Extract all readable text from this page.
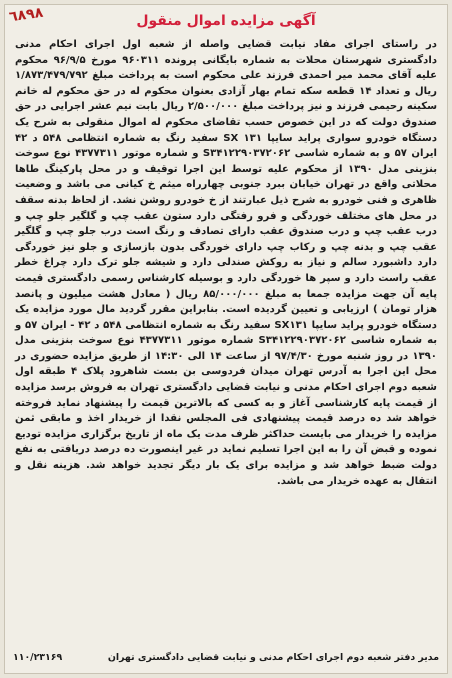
٦٨٩٨	آگهی مزایده اموال منقول

در راستای اجرای مفاد نیابت قضایی واصله از شعبه اول اجرای احکام مدنی دادگستری شهرستان محلات به شماره بایگانی پرونده ۹۶۰۳۱۱ مورخ ۹۶/۹/۵ محکوم علیه آقای محمد میر احمدی فرزند علی محکوم است به پرداخت مبلغ ۱/۸۷۳/۴۷۹/۷۹۲ ریال و تعداد ۱۴ قطعه سکه تمام بهار آزادی بعنوان محکوم له در حق محکوم له خانم سکینه رحیمی فرزند و نیز پرداخت مبلغ ۲/۵۰۰/۰۰۰ ریال بابت نیم عشر اجرایی در حق صندوق دولت که در این خصوص حسب تقاضای محکوم له اموال منقولی به شرح یک دستگاه خودرو سواری پراید سایپا ۱۳۱ SX سفید رنگ به شماره انتظامی ۵۴۸ د ۴۲ ایران ۵۷ و به شماره شاسی S۳۴۱۲۲۹۰۳۷۲۰۶۲ و شماره موتور ۴۳۷۷۳۱۱ نوع سوخت بنزینی مدل ۱۳۹۰ از محکوم علیه توسط این اجرا توقیف و در محل پارکینگ طاها محلاتی واقع در تهران خیابان ببرد جنوبی چهارراه میثم خ کیانی می باشد و وضعیت ظاهری و فنی خودرو به شرح ذیل عبارتند از خ خودرو روشن نشد. از لحاظ بدنه سقف در محل های مختلف خوردگی و فرو رفتگی دارد ستون عقب چپ و گلگیر جلو چپ و درب عقب چپ و درب صندوق عقب دارای تصادف و رنگ است درب جلو چپ و گلگیر عقب چپ و بدنه چپ و رکاب چپ دارای خوردگی بدون بازسازی و جلو نیز خوردگی دارد داشبورد سالم و نیاز به روکش صندلی دارد و شیشه جلو ترک دارد چراغ خطر عقب راست دارد و سپر ها خوردگی دارد و بوسیله کارشناس رسمی دادگستری قیمت پایه آن جهت مزایده جمعا به مبلغ ۸۵/۰۰۰/۰۰۰ ریال ( معادل هشت میلیون و پانصد هزار تومان ) ارزیابی و تعیین گردیده است. بنابراین مقرر گردید مال مورد مزایده یک دستگاه خودرو پراید سایپا SX۱۳۱ سفید رنگ به شماره انتظامی ۵۴۸ د ۴۲ - ایران ۵۷ و به شماره شاسی S۳۴۱۲۲۹۰۳۷۲۰۶۲ شماره موتور ۴۳۷۷۳۱۱ نوع سوخت بنزینی مدل ۱۳۹۰ در روز شنبه مورخ ۹۷/۴/۳۰ از ساعت ۱۴ الی ۱۴:۳۰ از طریق مزایده حضوری در محل این اجرا به آدرس تهران میدان فردوسی بن بست شاهرود پلاک ۴ طبقه اول شعبه دوم اجرای احکام مدنی و نیابت قضایی دادگستری تهران به فروش برسد مزایده از قیمت پایه کارشناسی آغاز و به کسی که بالاترین قیمت را پیشنهاد نماید فروخته خواهد شد ده درصد قیمت پیشنهادی فی المجلس نقدا از خریدار اخذ و مابقی ثمن مزایده را خریدار می بایست حداکثر ظرف مدت یک ماه از تاریخ برگزاری مزایده تودیع نموده و قبض آن را به این اجرا تسلیم نماید در غیر اینصورت ده درصد دریافتی به نفع دولت ضبط خواهد شد و مزایده برای یک بار دیگر تجدید خواهد شد. هزینه نقل و انتقال به عهده خریدار می باشد.

مدیر دفتر شعبه دوم اجرای احکام مدنی و نیابت قضایی دادگستری تهران
۱۱۰/۲۳۱۶۹
